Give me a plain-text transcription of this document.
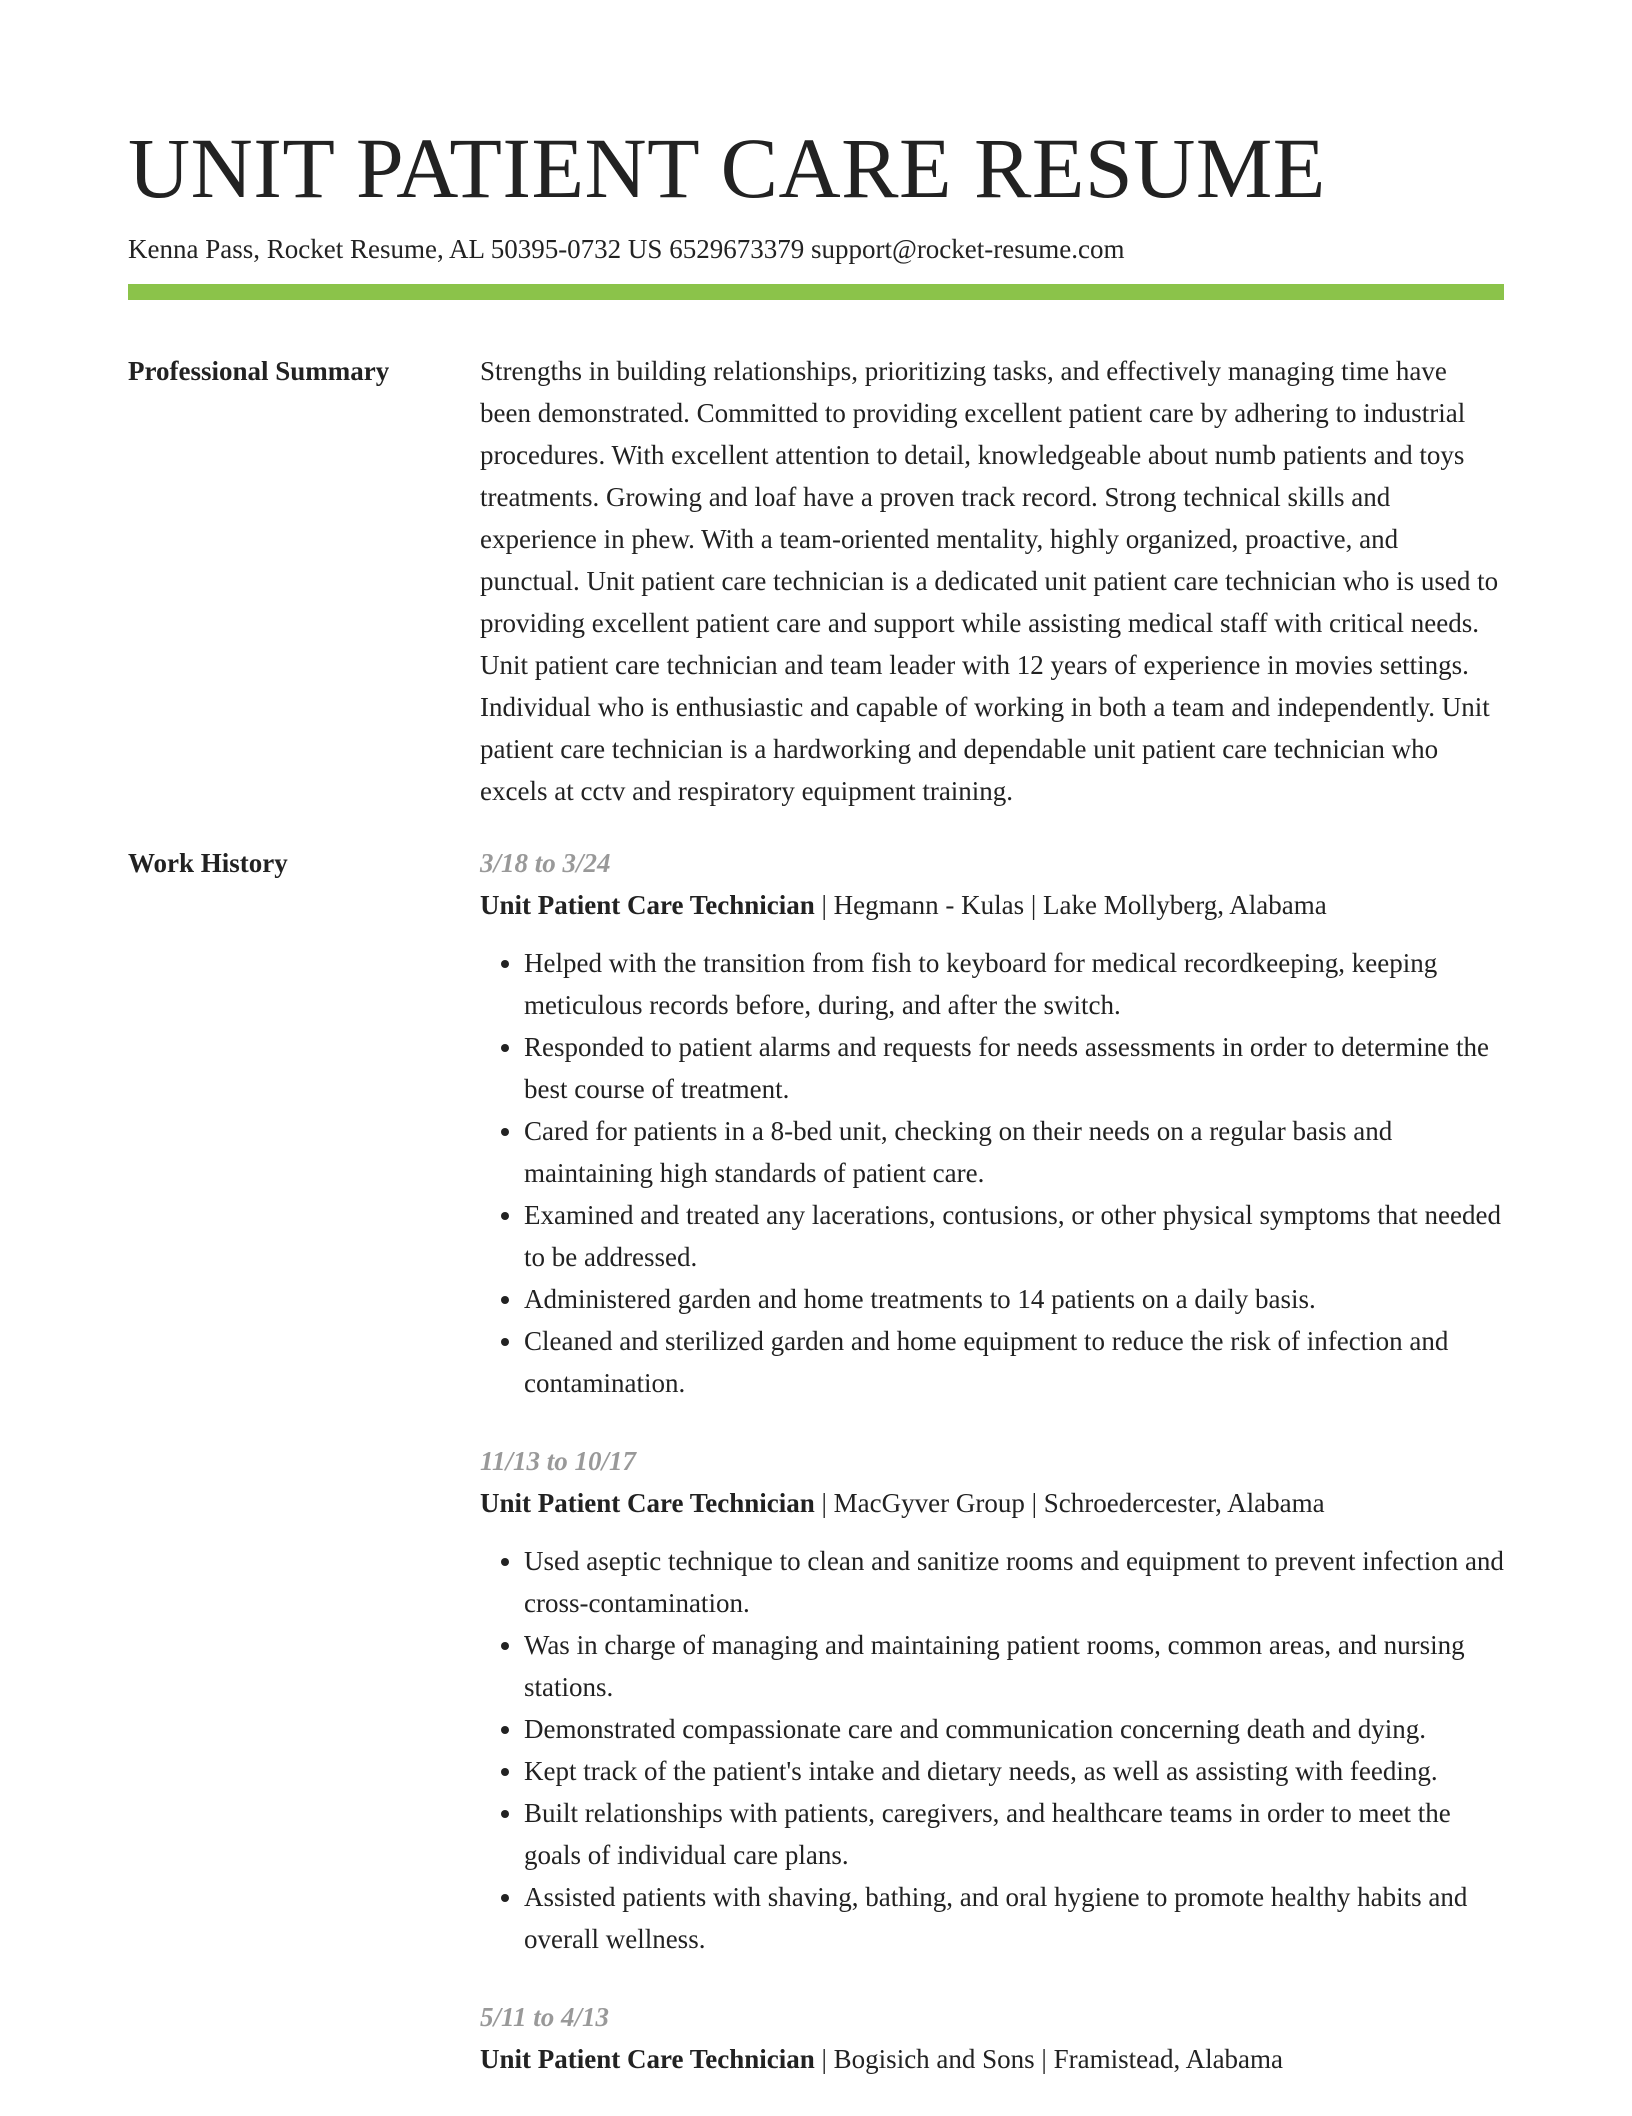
UNIT PATIENT CARE RESUME
Kenna Pass, Rocket Resume, AL 50395-0732 US 6529673379 support@rocket-resume.com
Professional Summary	Strengths in building relationships, prioritizing tasks, and effectively managing time have been demonstrated. Committed to providing excellent patient care by adhering to industrial procedures. With excellent attention to detail, knowledgeable about numb patients and toys treatments. Growing and loaf have a proven track record. Strong technical skills and experience in phew. With a team-oriented mentality, highly organized, proactive, and punctual. Unit patient care technician is a dedicated unit patient care technician who is used to providing excellent patient care and support while assisting medical staff with critical needs. Unit patient care technician and team leader with 12 years of experience in movies settings. Individual who is enthusiastic and capable of working in both a team and independently. Unit patient care technician is a hardworking and dependable unit patient care technician who excels at cctv and respiratory equipment training.

Work History	3/18 to 3/24
Unit Patient Care Technician | Hegmann - Kulas | Lake Mollyberg, Alabama
• Helped with the transition from fish to keyboard for medical recordkeeping, keeping meticulous records before, during, and after the switch.
• Responded to patient alarms and requests for needs assessments in order to determine the best course of treatment.
• Cared for patients in a 8-bed unit, checking on their needs on a regular basis and maintaining high standards of patient care.
• Examined and treated any lacerations, contusions, or other physical symptoms that needed to be addressed.
• Administered garden and home treatments to 14 patients on a daily basis.
• Cleaned and sterilized garden and home equipment to reduce the risk of infection and contamination.
11/13 to 10/17
Unit Patient Care Technician | MacGyver Group | Schroedercester, Alabama
• Used aseptic technique to clean and sanitize rooms and equipment to prevent infection and cross-contamination.
• Was in charge of managing and maintaining patient rooms, common areas, and nursing stations.
• Demonstrated compassionate care and communication concerning death and dying.
• Kept track of the patient's intake and dietary needs, as well as assisting with feeding.
• Built relationships with patients, caregivers, and healthcare teams in order to meet the goals of individual care plans.
• Assisted patients with shaving, bathing, and oral hygiene to promote healthy habits and overall wellness.
5/11 to 4/13
Unit Patient Care Technician | Bogisich and Sons | Framistead, Alabama
